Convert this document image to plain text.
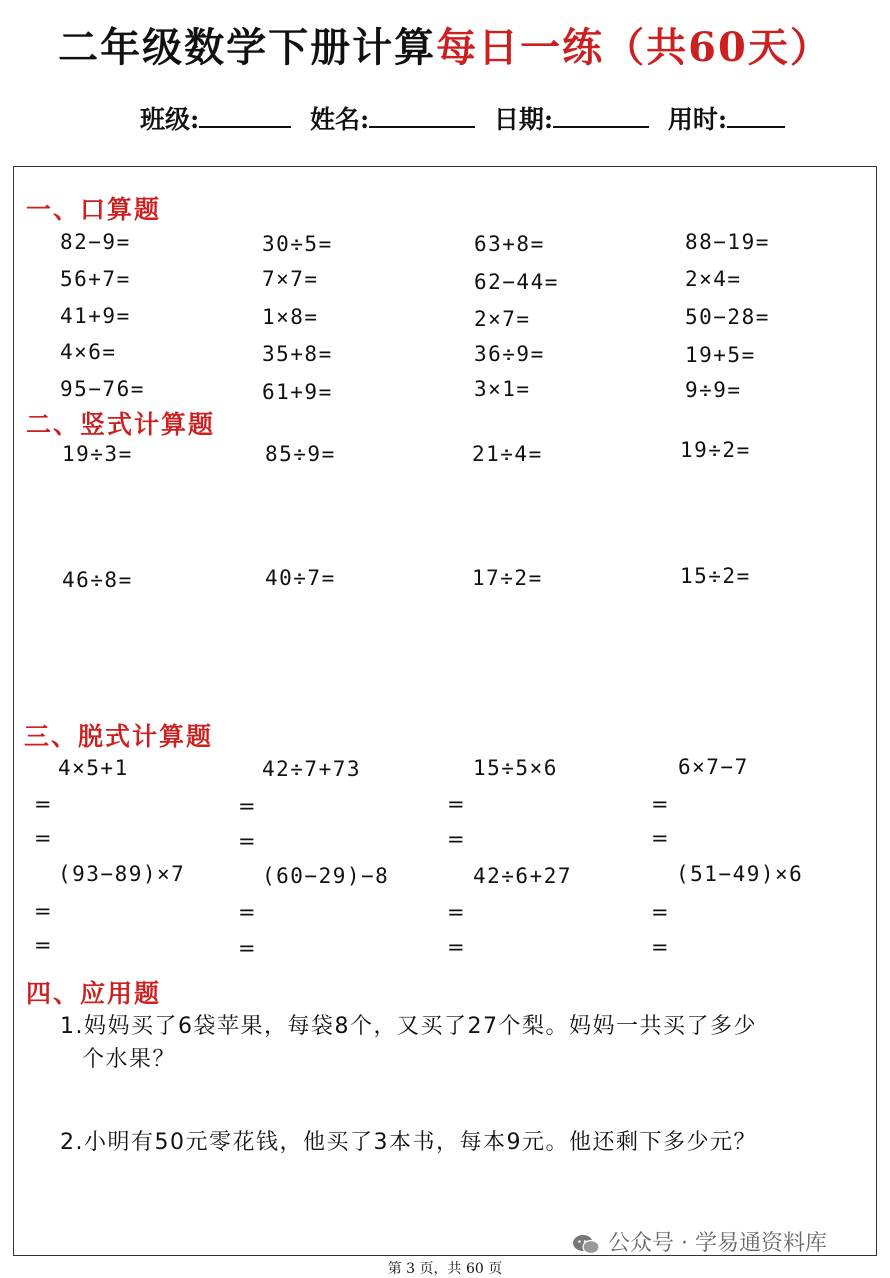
二年级数学下册计算每日一练（共60天）
班级:	姓名:	日期:	用时:
一、口算题
82−9=	30÷5=	63+8=	88−19=
56+7=	7×7=	62−44=	2×4=
41+9=	1×8=	2×7=	50−28=
4×6=	35+8=	36÷9=	19+5=
95−76=	61+9=	3×1=	9÷9=
二、竖式计算题
19÷3=	85÷9=	21÷4=	19÷2=
46÷8=	40÷7=	17÷2=	15÷2=
三、脱式计算题
4×5+1	42÷7+73	15÷5×6	6×7−7
=	=	=	=
=	=	=	=
(93−89)×7	(60−29)−8	42÷6+27	(51−49)×6
=	=	=	=
=	=	=	=
四、应用题
1.妈妈买了6袋苹果，每袋8个，又买了27个梨。妈妈一共买了多少
个水果？
2.小明有50元零花钱，他买了3本书，每本9元。他还剩下多少元？
公众号 · 学易通资料库
第 3 页，共 60 页
